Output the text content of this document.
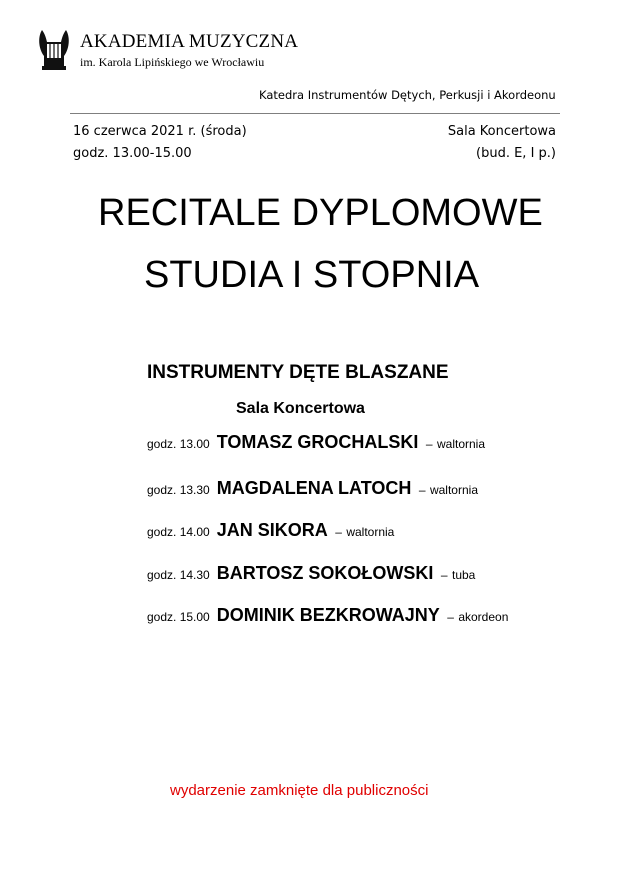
AKADEMIA MUZYCZNA
im. Karola Lipińskiego we Wrocławiu
Katedra Instrumentów Dętych, Perkusji i Akordeonu
16 czerwca 2021 r. (środa)
godz. 13.00-15.00
Sala Koncertowa
(bud. E, I p.)
RECITALE DYPLOMOWE
STUDIA I STOPNIA
INSTRUMENTY DĘTE BLASZANE
Sala Koncertowa
godz. 13.00 TOMASZ GROCHALSKI – waltornia
godz. 13.30 MAGDALENA LATOCH – waltornia
godz. 14.00 JAN SIKORA – waltornia
godz. 14.30 BARTOSZ SOKOŁOWSKI – tuba
godz. 15.00 DOMINIK BEZKROWAJNY – akordeon
wydarzenie zamknięte dla publiczności
